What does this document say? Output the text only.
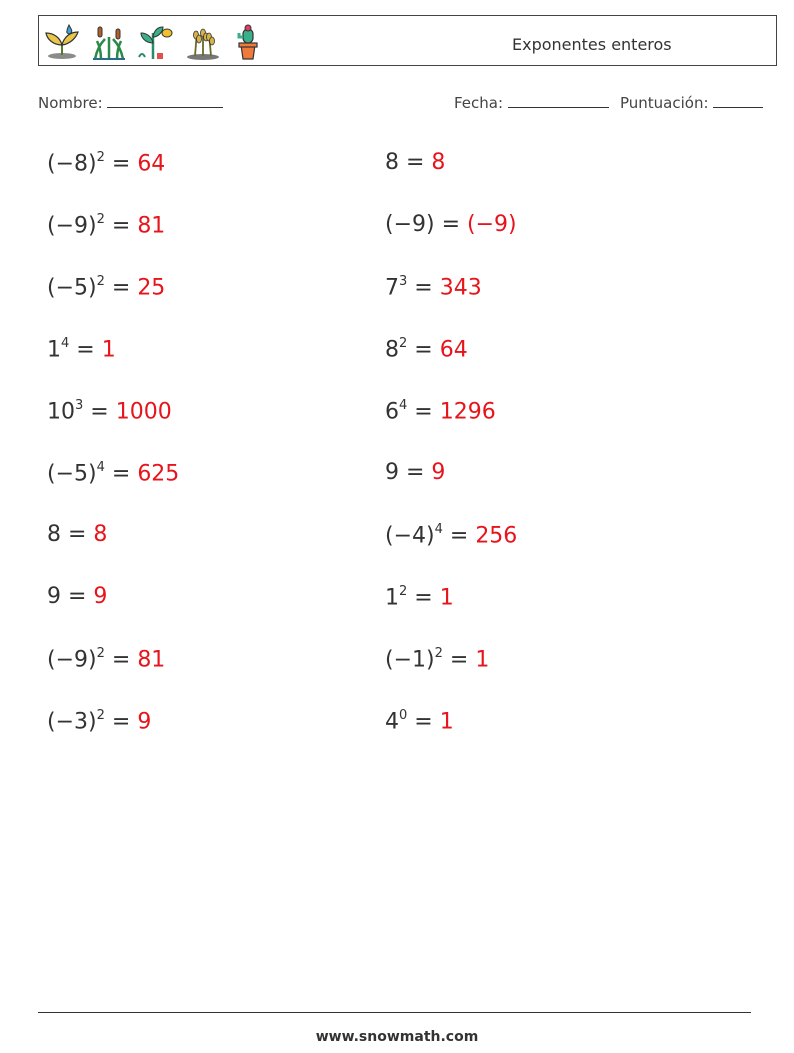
Exponentes enteros
Nombre:	Fecha:	Puntuación:
$(-8)^2 = 64$
$(-9)^2 = 81$
$(-5)^2 = 25$
$1^4 = 1$
$10^3 = 1000$
$(-5)^4 = 625$
8 = 8
9 = 9
$(-9)^2 = 81$
$(-3)^2 = 9$
8 = 8
(−9) = (−9)
$7^3 = 343$
$8^2 = 64$
$6^4 = 1296$
9 = 9
$(-4)^4 = 256$
$1^2 = 1$
$(-1)^2 = 1$
$4^0 = 1$
www.snowmath.com
